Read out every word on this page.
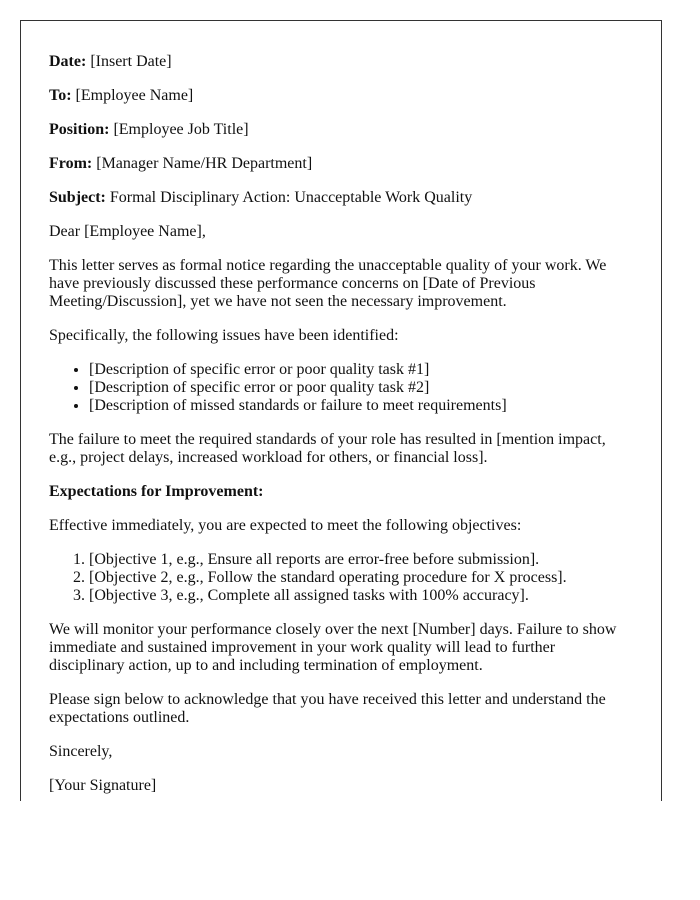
Date: [Insert Date]

To: [Employee Name]

Position: [Employee Job Title]

From: [Manager Name/HR Department]

Subject: Formal Disciplinary Action: Unacceptable Work Quality

Dear [Employee Name],

This letter serves as formal notice regarding the unacceptable quality of your work. We have previously discussed these performance concerns on [Date of Previous Meeting/Discussion], yet we have not seen the necessary improvement.

Specifically, the following issues have been identified:

• [Description of specific error or poor quality task #1]
• [Description of specific error or poor quality task #2]
• [Description of missed standards or failure to meet requirements]

The failure to meet the required standards of your role has resulted in [mention impact, e.g., project delays, increased workload for others, or financial loss].

Expectations for Improvement:

Effective immediately, you are expected to meet the following objectives:

1. [Objective 1, e.g., Ensure all reports are error-free before submission].
2. [Objective 2, e.g., Follow the standard operating procedure for X process].
3. [Objective 3, e.g., Complete all assigned tasks with 100% accuracy].

We will monitor your performance closely over the next [Number] days. Failure to show immediate and sustained improvement in your work quality will lead to further disciplinary action, up to and including termination of employment.

Please sign below to acknowledge that you have received this letter and understand the expectations outlined.

Sincerely,

[Your Signature]
